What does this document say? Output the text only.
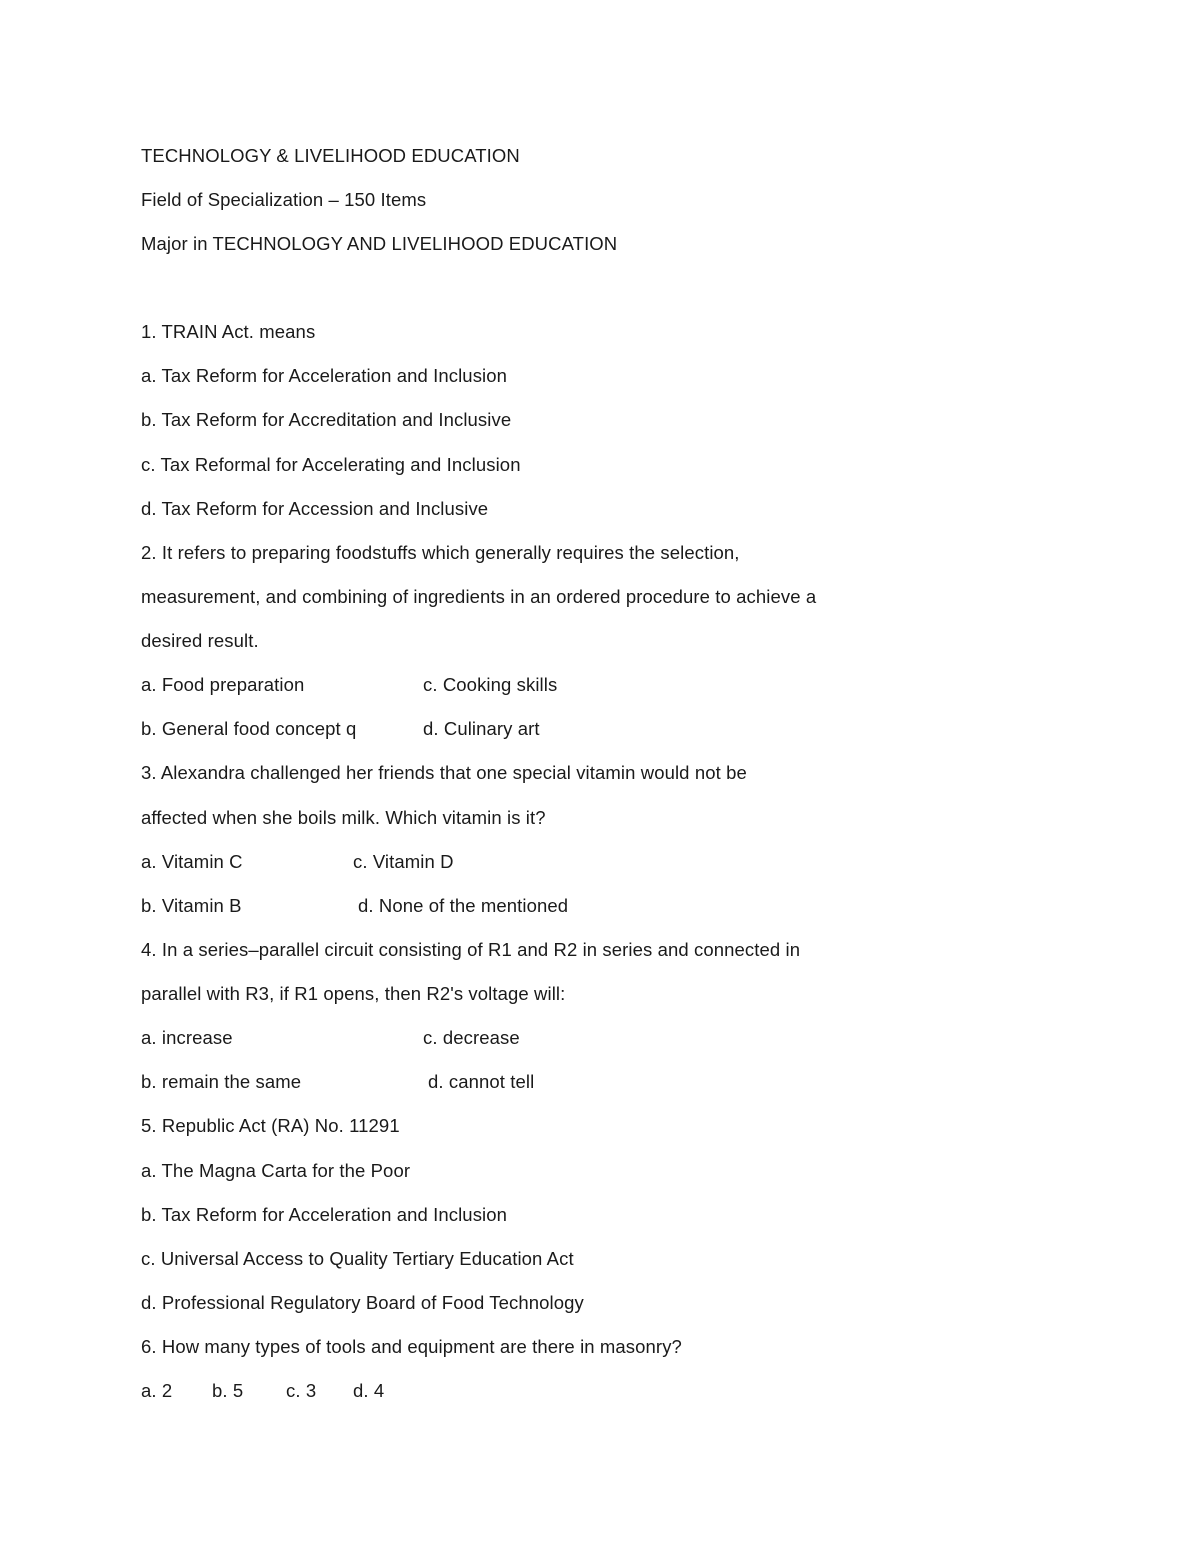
TECHNOLOGY & LIVELIHOOD EDUCATION
Field of Specialization – 150 Items
Major in TECHNOLOGY AND LIVELIHOOD EDUCATION
1. TRAIN Act. means
a. Tax Reform for Acceleration and Inclusion
b. Tax Reform for Accreditation and Inclusive
c. Tax Reformal for Accelerating and Inclusion
d. Tax Reform for Accession and Inclusive
2. It refers to preparing foodstuffs which generally requires the selection,
measurement, and combining of ingredients in an ordered procedure to achieve a
desired result.
a. Food preparation	c. Cooking skills
b. General food concept q	d. Culinary art
3. Alexandra challenged her friends that one special vitamin would not be
affected when she boils milk. Which vitamin is it?
a. Vitamin C	c. Vitamin D
b. Vitamin B	d. None of the mentioned
4. In a series–parallel circuit consisting of R1 and R2 in series and connected in
parallel with R3, if R1 opens, then R2's voltage will:
a. increase	c. decrease
b. remain the same	d. cannot tell
5. Republic Act (RA) No. 11291
a. The Magna Carta for the Poor
b. Tax Reform for Acceleration and Inclusion
c. Universal Access to Quality Tertiary Education Act
d. Professional Regulatory Board of Food Technology
6. How many types of tools and equipment are there in masonry?
a. 2 b. 5 c. 3 d. 4
